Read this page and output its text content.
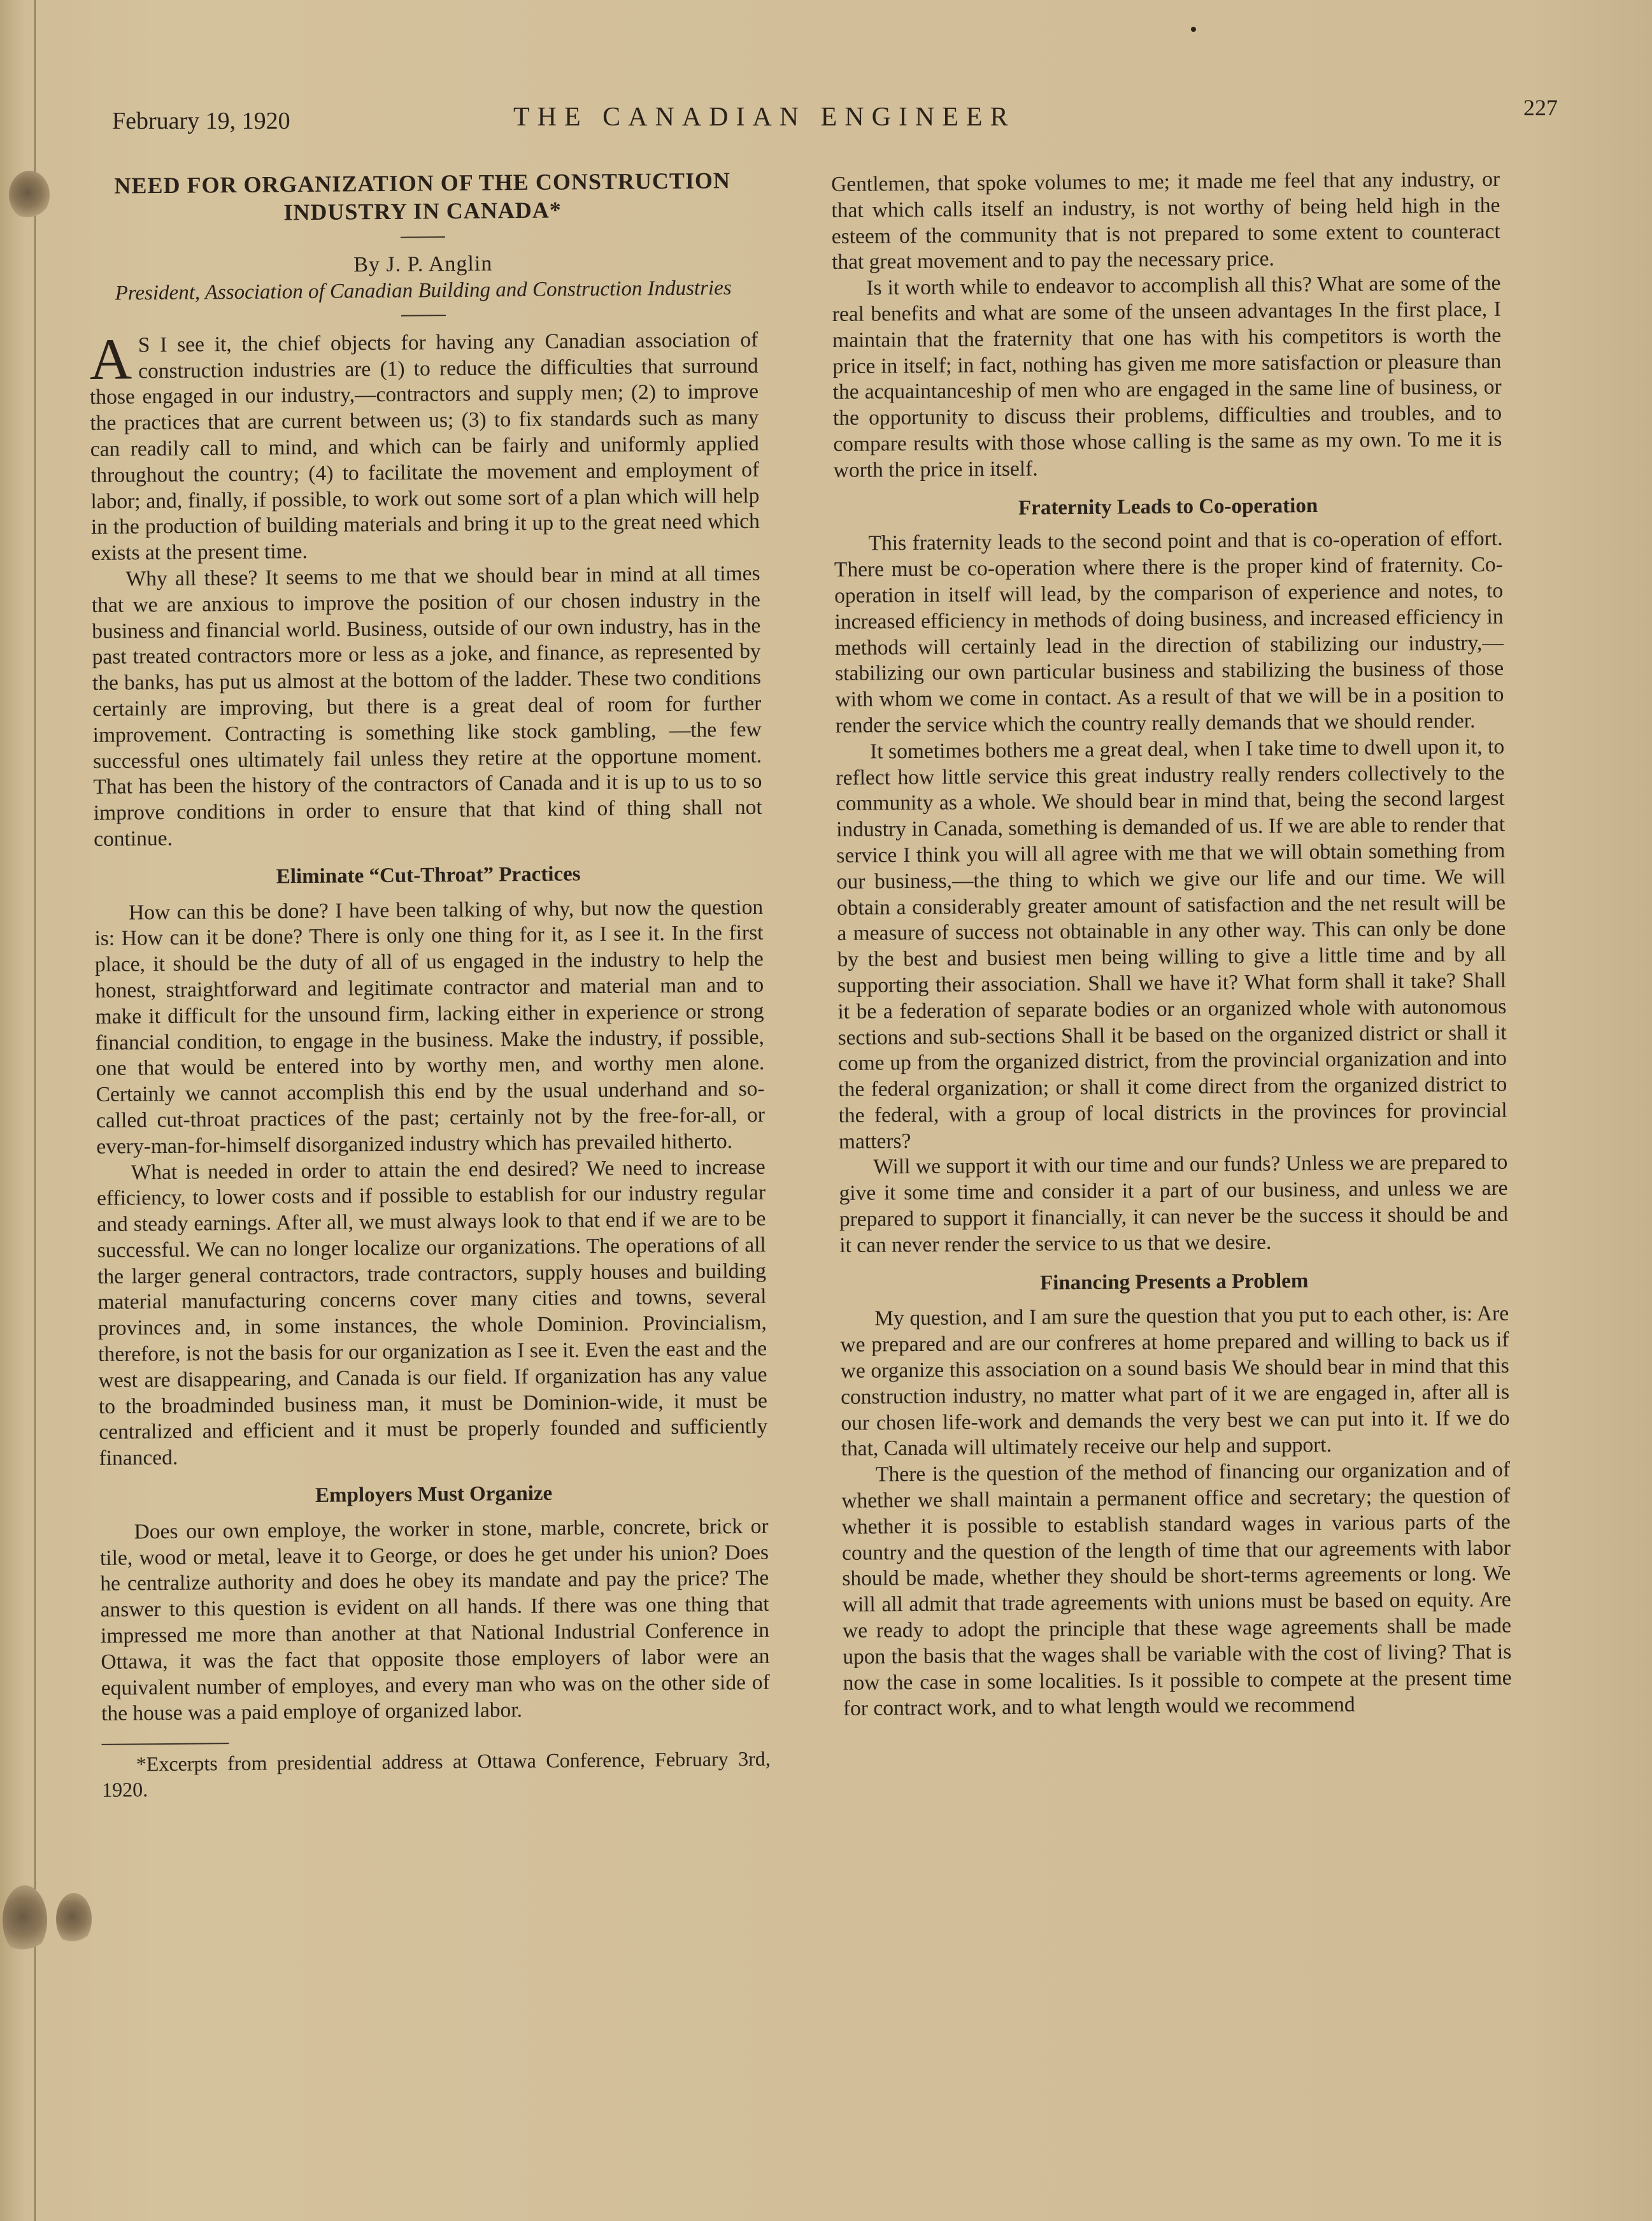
February 19, 1920	THE CANADIAN ENGINEER	227
NEED FOR ORGANIZATION OF THE CONSTRUCTION INDUSTRY IN CANADA*
By J. P. Anglin
President, Association of Canadian Building and Construction Industries

A S I see it, the chief objects for having any Canadian association of construction industries are (1) to reduce the difficulties that surround those engaged in our industry,—contractors and supply men; (2) to improve the practices that are current between us; (3) to fix standards such as many can readily call to mind, and which can be fairly and uniformly applied throughout the country; (4) to facilitate the movement and employment of labor; and, finally, if possible, to work out some sort of a plan which will help in the production of building materials and bring it up to the great need which exists at the present time.

Why all these? It seems to me that we should bear in mind at all times that we are anxious to improve the position of our chosen industry in the business and financial world. Business, outside of our own industry, has in the past treated contractors more or less as a joke, and finance, as represented by the banks, has put us almost at the bottom of the ladder. These two conditions certainly are improving, but there is a great deal of room for further improvement. Contracting is something like stock gambling, —the few successful ones ultimately fail unless they retire at the opportune moment. That has been the history of the contractors of Canada and it is up to us to so improve conditions in order to ensure that that kind of thing shall not continue.

Eliminate “Cut-Throat” Practices

How can this be done? I have been talking of why, but now the question is: How can it be done? There is only one thing for it, as I see it. In the first place, it should be the duty of all of us engaged in the industry to help the honest, straightforward and legitimate contractor and material man and to make it difficult for the unsound firm, lacking either in experience or strong financial condition, to engage in the business. Make the industry, if possible, one that would be entered into by worthy men, and worthy men alone. Certainly we cannot accomplish this end by the usual underhand and so-called cut-throat practices of the past; certainly not by the free-for-all, or every-man-for-himself disorganized industry which has prevailed hitherto.

What is needed in order to attain the end desired? We need to increase efficiency, to lower costs and if possible to establish for our industry regular and steady earnings. After all, we must always look to that end if we are to be successful. We can no longer localize our organizations. The operations of all the larger general contractors, trade contractors, supply houses and building material manufacturing concerns cover many cities and towns, several provinces and, in some instances, the whole Dominion. Provincialism, therefore, is not the basis for our organization as I see it. Even the east and the west are disappearing, and Canada is our field. If organization has any value to the broadminded business man, it must be Dominion-wide, it must be centralized and efficient and it must be properly founded and sufficiently financed.

Employers Must Organize

Does our own employe, the worker in stone, marble, concrete, brick or tile, wood or metal, leave it to George, or does he get under his union? Does he centralize authority and does he obey its mandate and pay the price? The answer to this question is evident on all hands. If there was one thing that impressed me more than another at that National Industrial Conference in Ottawa, it was the fact that opposite those employers of labor were an equivalent number of employes, and every man who was on the other side of the house was a paid employe of organized labor.

*Excerpts from presidential address at Ottawa Conference, February 3rd, 1920.

Gentlemen, that spoke volumes to me; it made me feel that any industry, or that which calls itself an industry, is not worthy of being held high in the esteem of the community that is not prepared to some extent to counteract that great movement and to pay the necessary price.

Is it worth while to endeavor to accomplish all this? What are some of the real benefits and what are some of the unseen advantages In the first place, I maintain that the fraternity that one has with his competitors is worth the price in itself; in fact, nothing has given me more satisfaction or pleasure than the acquaintanceship of men who are engaged in the same line of business, or the opportunity to discuss their problems, difficulties and troubles, and to compare results with those whose calling is the same as my own. To me it is worth the price in itself.

Fraternity Leads to Co-operation

This fraternity leads to the second point and that is co-operation of effort. There must be co-operation where there is the proper kind of fraternity. Co-operation in itself will lead, by the comparison of experience and notes, to increased efficiency in methods of doing business, and increased efficiency in methods will certainly lead in the direction of stabilizing our industry,—stabilizing our own particular business and stabilizing the business of those with whom we come in contact. As a result of that we will be in a position to render the service which the country really demands that we should render.

It sometimes bothers me a great deal, when I take time to dwell upon it, to reflect how little service this great industry really renders collectively to the community as a whole. We should bear in mind that, being the second largest industry in Canada, something is demanded of us. If we are able to render that service I think you will all agree with me that we will obtain something from our business,—the thing to which we give our life and our time. We will obtain a considerably greater amount of satisfaction and the net result will be a measure of success not obtainable in any other way. This can only be done by the best and busiest men being willing to give a little time and by all supporting their association. Shall we have it? What form shall it take? Shall it be a federation of separate bodies or an organized whole with autonomous sections and sub-sections Shall it be based on the organized district or shall it come up from the organized district, from the provincial organization and into the federal organization; or shall it come direct from the organized district to the federal, with a group of local districts in the provinces for provincial matters?

Will we support it with our time and our funds? Unless we are prepared to give it some time and consider it a part of our business, and unless we are prepared to support it financially, it can never be the success it should be and it can never render the service to us that we desire.

Financing Presents a Problem

My question, and I am sure the question that you put to each other, is: Are we prepared and are our confreres at home prepared and willing to back us if we organize this association on a sound basis We should bear in mind that this construction industry, no matter what part of it we are engaged in, after all is our chosen life-work and demands the very best we can put into it. If we do that, Canada will ultimately receive our help and support.

There is the question of the method of financing our organization and of whether we shall maintain a permanent office and secretary; the question of whether it is possible to establish standard wages in various parts of the country and the question of the length of time that our agreements with labor should be made, whether they should be short-terms agreements or long. We will all admit that trade agreements with unions must be based on equity. Are we ready to adopt the principle that these wage agreements shall be made upon the basis that the wages shall be variable with the cost of living? That is now the case in some localities. Is it possible to compete at the present time for contract work, and to what length would we recommend
